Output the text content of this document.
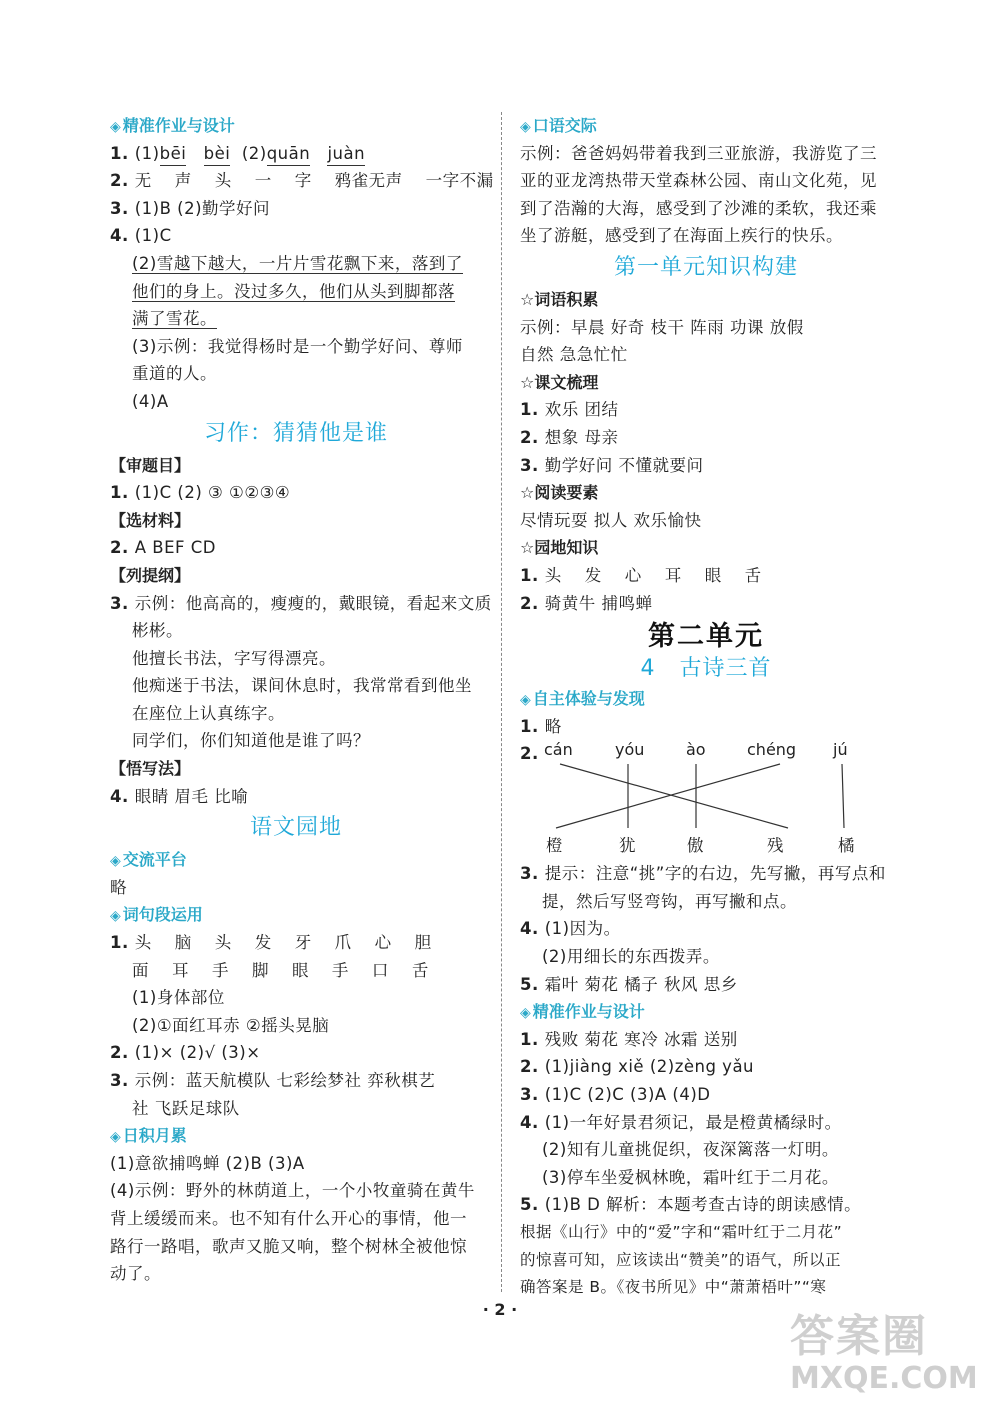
◈ 精准作业与设计
1. (1)bēi bèi (2)quān juàn
2. 无 声 头 一 字 鸦雀无声 一字不漏
3. (1)B (2)勤学好问
4. (1)C
(2)雪越下越大，一片片雪花飘下来，落到了
他们的身上。没过多久，他们从头到脚都落
满了雪花。
(3)示例：我觉得杨时是一个勤学好问、尊师
重道的人。
(4)A
习作：猜猜他是谁
【审题目】
1. (1)C (2) ③ ①②③④
【选材料】
2. A BEF CD
【列提纲】
3. 示例：他高高的，瘦瘦的，戴眼镜，看起来文质
彬彬。
他擅长书法，字写得漂亮。
他痴迷于书法，课间休息时，我常常看到他坐
在座位上认真练字。
同学们，你们知道他是谁了吗？
【悟写法】
4. 眼睛 眉毛 比喻
语文园地
◈ 交流平台
略
◈ 词句段运用
1. 头 脑 头 发 牙 爪 心 胆
面 耳 手 脚 眼 手 口 舌
(1)身体部位
(2)①面红耳赤 ②摇头晃脑
2. (1)× (2)√ (3)×
3. 示例：蓝天航模队 七彩绘梦社 弈秋棋艺
社 飞跃足球队
◈ 日积月累
(1)意欲捕鸣蝉 (2)B (3)A
(4)示例：野外的林荫道上，一个小牧童骑在黄牛
背上缓缓而来。也不知有什么开心的事情，他一
路行一路唱，歌声又脆又响，整个树林全被他惊
动了。
◈ 口语交际
示例：爸爸妈妈带着我到三亚旅游，我游览了三
亚的亚龙湾热带天堂森林公园、南山文化苑，见
到了浩瀚的大海，感受到了沙滩的柔软，我还乘
坐了游艇，感受到了在海面上疾行的快乐。
第一单元知识构建
☆词语积累
示例：早晨 好奇 枝干 阵雨 功课 放假
自然 急急忙忙
☆课文梳理
1. 欢乐 团结
2. 想象 母亲
3. 勤学好问 不懂就要问
☆阅读要素
尽情玩耍 拟人 欢乐愉快
☆园地知识
1. 头 发 心 耳 眼 舌
2. 骑黄牛 捕鸣蝉
第二单元
4 古诗三首
◈ 自主体验与发现
1. 略
2. cán	yóu	ào	chéng jú
橙	犹	傲	残	橘
3. 提示：注意“挑”字的右边，先写撇，再写点和
提，然后写竖弯钩，再写撇和点。
4. (1)因为。
(2)用细长的东西拨弄。
5. 霜叶 菊花 橘子 秋风 思乡
◈ 精准作业与设计
1. 残败 菊花 寒冷 冰霜 送别
2. (1)jiàng xiě (2)zèng yǎu
3. (1)C (2)C (3)A (4)D
4. (1)一年好景君须记，最是橙黄橘绿时。
(2)知有儿童挑促织，夜深篱落一灯明。
(3)停车坐爱枫林晚，霜叶红于二月花。
5. (1)B D 解析：本题考查古诗的朗读感情。
根据《山行》中的“爱”字和“霜叶红于二月花”
的惊喜可知，应该读出“赞美”的语气，所以正
确答案是 B。《夜书所见》中“萧萧梧叶”“寒
· 2 ·
答案圈
MXQE.COM
